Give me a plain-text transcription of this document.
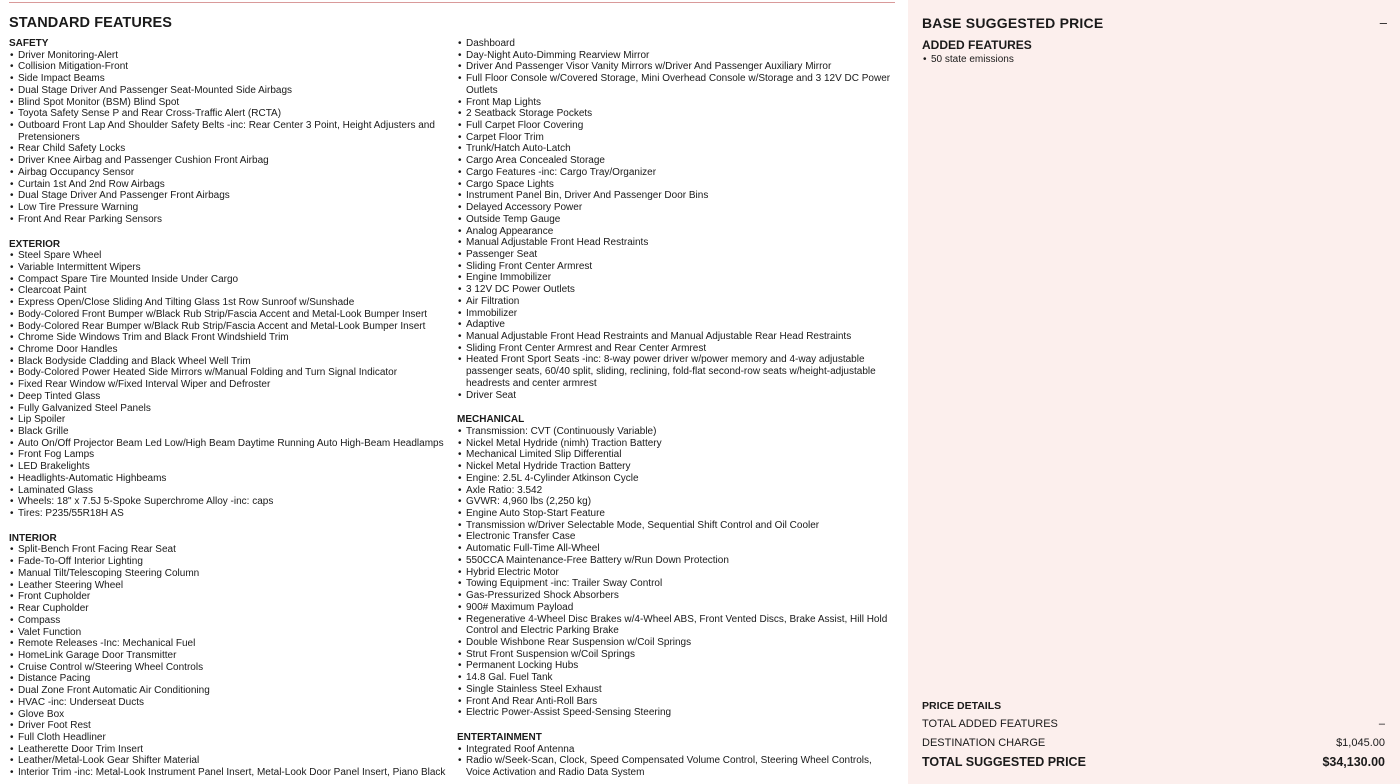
STANDARD FEATURES
SAFETY
• Driver Monitoring-Alert
• Collision Mitigation-Front
• Side Impact Beams
• Dual Stage Driver And Passenger Seat-Mounted Side Airbags
• Blind Spot Monitor (BSM) Blind Spot
• Toyota Safety Sense P and Rear Cross-Traffic Alert (RCTA)
• Outboard Front Lap And Shoulder Safety Belts -inc: Rear Center 3 Point, Height Adjusters and Pretensioners
• Rear Child Safety Locks
• Driver Knee Airbag and Passenger Cushion Front Airbag
• Airbag Occupancy Sensor
• Curtain 1st And 2nd Row Airbags
• Dual Stage Driver And Passenger Front Airbags
• Low Tire Pressure Warning
• Front And Rear Parking Sensors
EXTERIOR
• Steel Spare Wheel
• Variable Intermittent Wipers
• Compact Spare Tire Mounted Inside Under Cargo
• Clearcoat Paint
• Express Open/Close Sliding And Tilting Glass 1st Row Sunroof w/Sunshade
• Body-Colored Front Bumper w/Black Rub Strip/Fascia Accent and Metal-Look Bumper Insert
• Body-Colored Rear Bumper w/Black Rub Strip/Fascia Accent and Metal-Look Bumper Insert
• Chrome Side Windows Trim and Black Front Windshield Trim
• Chrome Door Handles
• Black Bodyside Cladding and Black Wheel Well Trim
• Body-Colored Power Heated Side Mirrors w/Manual Folding and Turn Signal Indicator
• Fixed Rear Window w/Fixed Interval Wiper and Defroster
• Deep Tinted Glass
• Fully Galvanized Steel Panels
• Lip Spoiler
• Black Grille
• Auto On/Off Projector Beam Led Low/High Beam Daytime Running Auto High-Beam Headlamps
• Front Fog Lamps
• LED Brakelights
• Headlights-Automatic Highbeams
• Laminated Glass
• Wheels: 18" x 7.5J 5-Spoke Superchrome Alloy -inc: caps
• Tires: P235/55R18H AS
INTERIOR
• Split-Bench Front Facing Rear Seat
• Fade-To-Off Interior Lighting
• Manual Tilt/Telescoping Steering Column
• Leather Steering Wheel
• Front Cupholder
• Rear Cupholder
• Compass
• Valet Function
• Remote Releases -Inc: Mechanical Fuel
• HomeLink Garage Door Transmitter
• Cruise Control w/Steering Wheel Controls
• Distance Pacing
• Dual Zone Front Automatic Air Conditioning
• HVAC -inc: Underseat Ducts
• Glove Box
• Driver Foot Rest
• Full Cloth Headliner
• Leatherette Door Trim Insert
• Leather/Metal-Look Gear Shifter Material
• Interior Trim -inc: Metal-Look Instrument Panel Insert, Metal-Look Door Panel Insert, Piano Black
• Dashboard
• Day-Night Auto-Dimming Rearview Mirror
• Driver And Passenger Visor Vanity Mirrors w/Driver And Passenger Auxiliary Mirror
• Full Floor Console w/Covered Storage, Mini Overhead Console w/Storage and 3 12V DC Power Outlets
• Front Map Lights
• 2 Seatback Storage Pockets
• Full Carpet Floor Covering
• Carpet Floor Trim
• Trunk/Hatch Auto-Latch
• Cargo Area Concealed Storage
• Cargo Features -inc: Cargo Tray/Organizer
• Cargo Space Lights
• Instrument Panel Bin, Driver And Passenger Door Bins
• Delayed Accessory Power
• Outside Temp Gauge
• Analog Appearance
• Manual Adjustable Front Head Restraints
• Passenger Seat
• Sliding Front Center Armrest
• Engine Immobilizer
• 3 12V DC Power Outlets
• Air Filtration
• Immobilizer
• Adaptive
• Manual Adjustable Front Head Restraints and Manual Adjustable Rear Head Restraints
• Sliding Front Center Armrest and Rear Center Armrest
• Heated Front Sport Seats -inc: 8-way power driver w/power memory and 4-way adjustable passenger seats, 60/40 split, sliding, reclining, fold-flat second-row seats w/height-adjustable headrests and center armrest
• Driver Seat
MECHANICAL
• Transmission: CVT (Continuously Variable)
• Nickel Metal Hydride (nimh) Traction Battery
• Mechanical Limited Slip Differential
• Nickel Metal Hydride Traction Battery
• Engine: 2.5L 4-Cylinder Atkinson Cycle
• Axle Ratio: 3.542
• GVWR: 4,960 lbs (2,250 kg)
• Engine Auto Stop-Start Feature
• Transmission w/Driver Selectable Mode, Sequential Shift Control and Oil Cooler
• Electronic Transfer Case
• Automatic Full-Time All-Wheel
• 550CCA Maintenance-Free Battery w/Run Down Protection
• Hybrid Electric Motor
• Towing Equipment -inc: Trailer Sway Control
• Gas-Pressurized Shock Absorbers
• 900# Maximum Payload
• Regenerative 4-Wheel Disc Brakes w/4-Wheel ABS, Front Vented Discs, Brake Assist, Hill Hold Control and Electric Parking Brake
• Double Wishbone Rear Suspension w/Coil Springs
• Strut Front Suspension w/Coil Springs
• Permanent Locking Hubs
• 14.8 Gal. Fuel Tank
• Single Stainless Steel Exhaust
• Front And Rear Anti-Roll Bars
• Electric Power-Assist Speed-Sensing Steering
ENTERTAINMENT
• Integrated Roof Antenna
• Radio w/Seek-Scan, Clock, Speed Compensated Volume Control, Steering Wheel Controls, Voice Activation and Radio Data System
BASE SUGGESTED PRICE	–
ADDED FEATURES
• 50 state emissions
PRICE DETAILS
TOTAL ADDED FEATURES	–
DESTINATION CHARGE	$1,045.00
TOTAL SUGGESTED PRICE	$34,130.00
